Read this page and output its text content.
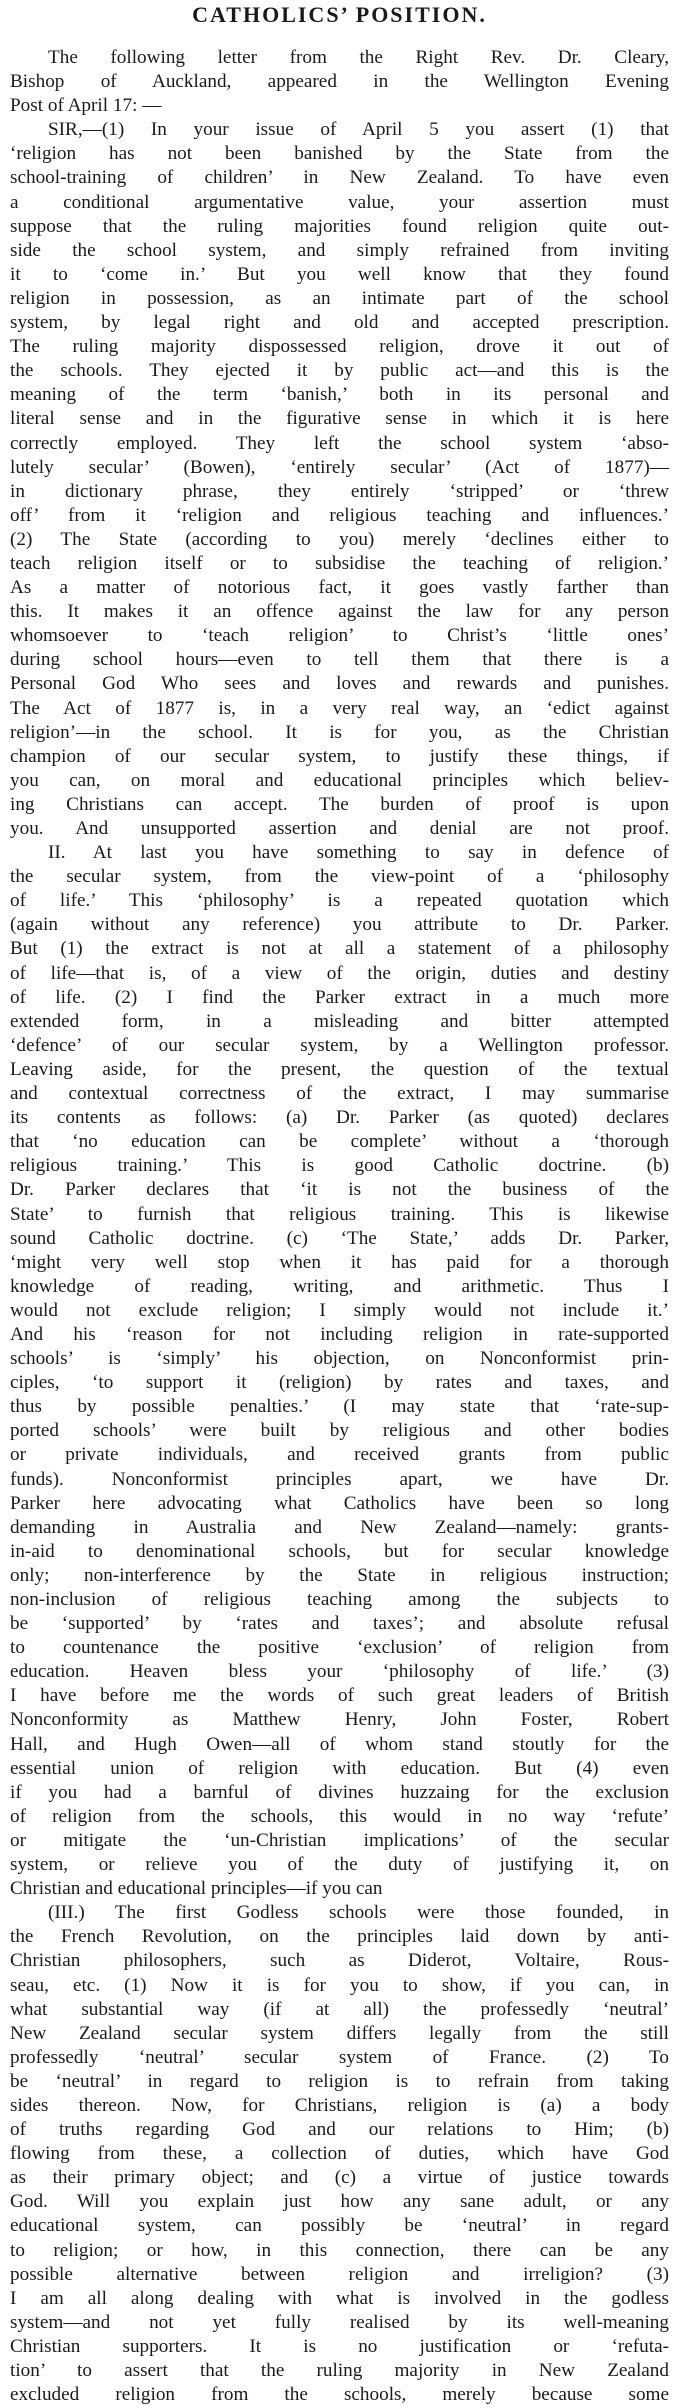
CATHOLICS’ POSITION.
The following letter from the Right Rev. Dr. Cleary,
Bishop of Auckland, appeared in the Wellington Evening
Post of April 17: —
SIR,—(1) In your issue of April 5 you assert (1) that
‘religion has not been banished by the State from the
school-training of children’ in New Zealand. To have even
a conditional argumentative value, your assertion must
suppose that the ruling majorities found religion quite out-
side the school system, and simply refrained from inviting
it to ‘come in.’ But you well know that they found
religion in possession, as an intimate part of the school
system, by legal right and old and accepted prescription.
The ruling majority dispossessed religion, drove it out of
the schools. They ejected it by public act—and this is the
meaning of the term ‘banish,’ both in its personal and
literal sense and in the figurative sense in which it is here
correctly employed. They left the school system ‘abso-
lutely secular’ (Bowen), ‘entirely secular’ (Act of 1877)—
in dictionary phrase, they entirely ‘stripped’ or ‘threw
off’ from it ‘religion and religious teaching and influences.’
(2) The State (according to you) merely ‘declines either to
teach religion itself or to subsidise the teaching of religion.’
As a matter of notorious fact, it goes vastly farther than
this. It makes it an offence against the law for any person
whomsoever to ‘teach religion’ to Christ’s ‘little ones’
during school hours—even to tell them that there is a
Personal God Who sees and loves and rewards and punishes.
The Act of 1877 is, in a very real way, an ‘edict against
religion’—in the school. It is for you, as the Christian
champion of our secular system, to justify these things, if
you can, on moral and educational principles which believ-
ing Christians can accept. The burden of proof is upon
you. And unsupported assertion and denial are not proof.
II. At last you have something to say in defence of
the secular system, from the view-point of a ‘philosophy
of life.’ This ‘philosophy’ is a repeated quotation which
(again without any reference) you attribute to Dr. Parker.
But (1) the extract is not at all a statement of a philosophy
of life—that is, of a view of the origin, duties and destiny
of life. (2) I find the Parker extract in a much more
extended form, in a misleading and bitter attempted
‘defence’ of our secular system, by a Wellington professor.
Leaving aside, for the present, the question of the textual
and contextual correctness of the extract, I may summarise
its contents as follows: (a) Dr. Parker (as quoted) declares
that ‘no education can be complete’ without a ‘thorough
religious training.’ This is good Catholic doctrine. (b)
Dr. Parker declares that ‘it is not the business of the
State’ to furnish that religious training. This is likewise
sound Catholic doctrine. (c) ‘The State,’ adds Dr. Parker,
‘might very well stop when it has paid for a thorough
knowledge of reading, writing, and arithmetic. Thus I
would not exclude religion; I simply would not include it.’
And his ‘reason for not including religion in rate-supported
schools’ is ‘simply’ his objection, on Nonconformist prin-
ciples, ‘to support it (religion) by rates and taxes, and
thus by possible penalties.’ (I may state that ‘rate-sup-
ported schools’ were built by religious and other bodies
or private individuals, and received grants from public
funds). Nonconformist principles apart, we have Dr.
Parker here advocating what Catholics have been so long
demanding in Australia and New Zealand—namely: grants-
in-aid to denominational schools, but for secular knowledge
only; non-interference by the State in religious instruction;
non-inclusion of religious teaching among the subjects to
be ‘supported’ by ‘rates and taxes’; and absolute refusal
to countenance the positive ‘exclusion’ of religion from
education. Heaven bless your ‘philosophy of life.’ (3)
I have before me the words of such great leaders of British
Nonconformity as Matthew Henry, John Foster, Robert
Hall, and Hugh Owen—all of whom stand stoutly for the
essential union of religion with education. But (4) even
if you had a barnful of divines huzzaing for the exclusion
of religion from the schools, this would in no way ‘refute’
or mitigate the ‘un-Christian implications’ of the secular
system, or relieve you of the duty of justifying it, on
Christian and educational principles—if you can
(III.) The first Godless schools were those founded, in
the French Revolution, on the principles laid down by anti-
Christian philosophers, such as Diderot, Voltaire, Rous-
seau, etc. (1) Now it is for you to show, if you can, in
what substantial way (if at all) the professedly ‘neutral’
New Zealand secular system differs legally from the still
professedly ‘neutral’ secular system of France. (2) To
be ‘neutral’ in regard to religion is to refrain from taking
sides thereon. Now, for Christians, religion is (a) a body
of truths regarding God and our relations to Him; (b)
flowing from these, a collection of duties, which have God
as their primary object; and (c) a virtue of justice towards
God. Will you explain just how any sane adult, or any
educational system, can possibly be ‘neutral’ in regard
to religion; or how, in this connection, there can be any
possible alternative between religion and irreligion? (3)
I am all along dealing with what is involved in the godless
system—and not yet fully realised by its well-meaning
Christian supporters. It is no justification or ‘refuta-
tion’ to assert that the ruling majority in New Zealand
excluded religion from the schools, merely because some
